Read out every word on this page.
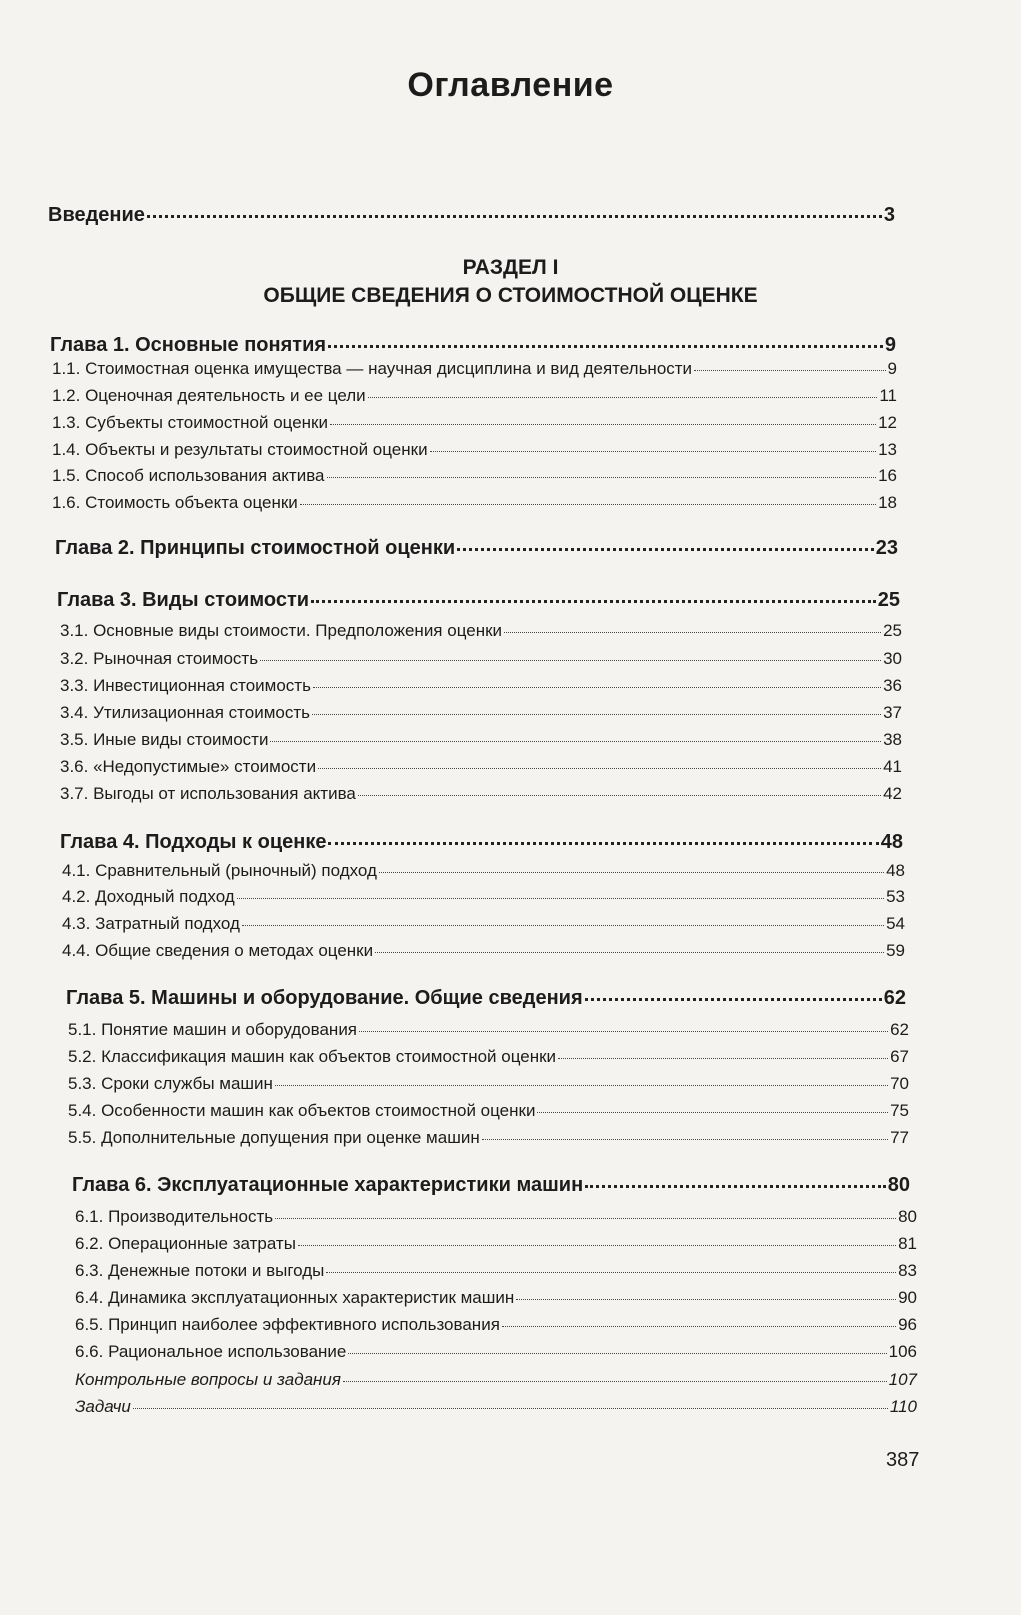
Оглавление
Введение	3
РАЗДЕЛ I
ОБЩИЕ СВЕДЕНИЯ О СТОИМОСТНОЙ ОЦЕНКЕ
Глава 1. Основные понятия	9
1.1. Стоимостная оценка имущества — научная дисциплина и вид деятельности	9
1.2. Оценочная деятельность и ее цели	11
1.3. Субъекты стоимостной оценки	12
1.4. Объекты и результаты стоимостной оценки	13
1.5. Способ использования актива	16
1.6. Стоимость объекта оценки	18
Глава 2. Принципы стоимостной оценки	23
Глава 3. Виды стоимости	25
3.1. Основные виды стоимости. Предположения оценки	25
3.2. Рыночная стоимость	30
3.3. Инвестиционная стоимость	36
3.4. Утилизационная стоимость	37
3.5. Иные виды стоимости	38
3.6. «Недопустимые» стоимости	41
3.7. Выгоды от использования актива	42
Глава 4. Подходы к оценке	48
4.1. Сравнительный (рыночный) подход	48
4.2. Доходный подход	53
4.3. Затратный подход	54
4.4. Общие сведения о методах оценки	59
Глава 5. Машины и оборудование. Общие сведения	62
5.1. Понятие машин и оборудования	62
5.2. Классификация машин как объектов стоимостной оценки	67
5.3. Сроки службы машин	70
5.4. Особенности машин как объектов стоимостной оценки	75
5.5. Дополнительные допущения при оценке машин	77
Глава 6. Эксплуатационные характеристики машин	80
6.1. Производительность	80
6.2. Операционные затраты	81
6.3. Денежные потоки и выгоды	83
6.4. Динамика эксплуатационных характеристик машин	90
6.5. Принцип наиболее эффективного использования	96
6.6. Рациональное использование	106
Контрольные вопросы и задания	107
Задачи	110
387
